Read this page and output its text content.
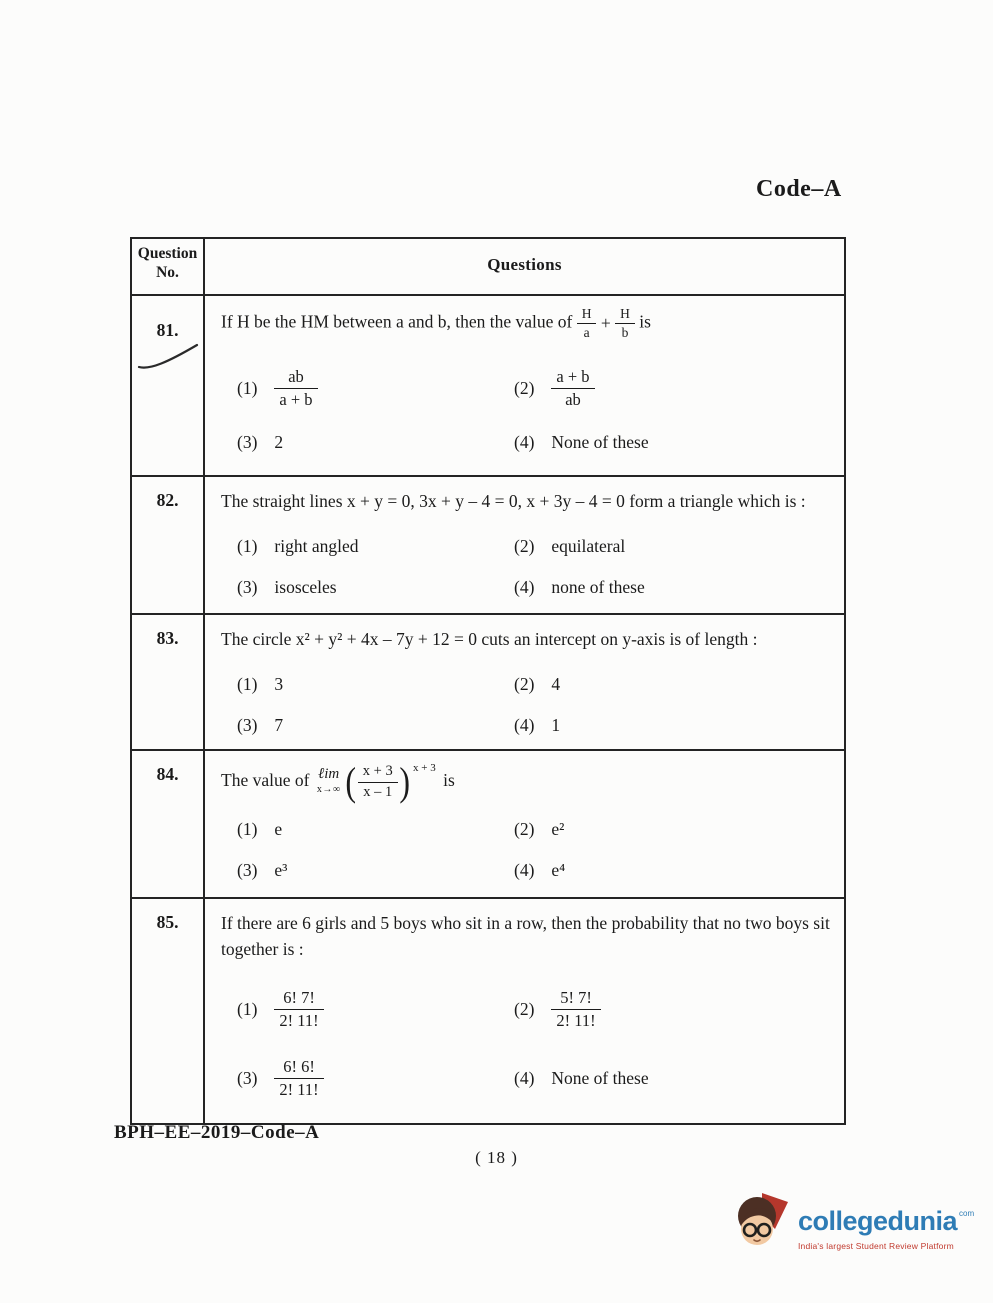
Code–A
Question
No.	Questions
81.	If H be the HM between a and b, then the value of $\frac{H}{a} + \frac{H}{b}$ is
$(1) \frac{ab}{a + b}$	$(2) \frac{a + b}{ab}$
(3) 2	(4) None of these

82.	The straight lines x + y = 0, 3x + y – 4 = 0, x + 3y – 4 = 0 form a triangle which is :
(1) right angled	(2) equilateral
(3) isosceles	(4) none of these

83.	The circle x² + y² + 4x – 7y + 12 = 0 cuts an intercept on y-axis is of length :
(1) 3	(2) 4
(3) 7	(4) 1

84.	The value of ℓim
x→∞ ( $\frac{x + 3}{x - 1}$ ) x + 3
is
(1) e	(2) e²
(3) e³	(4) e⁴

85.	If there are 6 girls and 5 boys who sit in a row, then the probability that no two boys sit together is :
$(1) \frac{6! 7!}{2! 11!}$	$(2) \frac{5! 7!}{2! 11!}$
$(3) \frac{6! 6!}{2! 11!}$	(4) None of these
BPH–EE–2019–Code–A
( 18 )
collegedunia com
India's largest Student Review Platform
